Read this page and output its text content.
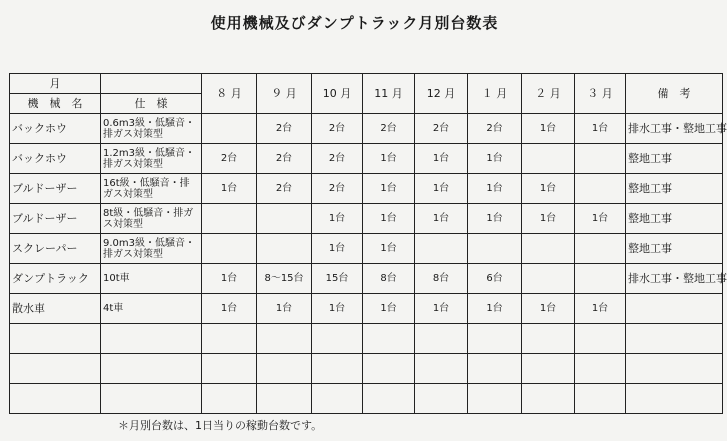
使用機械及びダンプトラック月別台数表
月		８ 月	９ 月	10 月	11 月	12 月	１ 月	２ 月	３ 月	備　考
機　械　名	仕　様									
バックホウ	0.6m3級・低騒音・排ガス対策型		2台	2台	2台	2台	2台	1台	1台	排水工事・整地工事
バックホウ	1.2m3級・低騒音・排ガス対策型	2台	2台	2台	1台	1台	1台			整地工事
ブルドーザー	16t級・低騒音・排ガス対策型	1台	2台	2台	1台	1台	1台	1台		整地工事
ブルドーザー	8t級・低騒音・排ガス対策型			1台	1台	1台	1台	1台	1台	整地工事
スクレーパー	9.0m3級・低騒音・排ガス対策型			1台	1台					整地工事
ダンプトラック	10t車	1台	8～15台	15台	8台	8台	6台			排水工事・整地工事
散水車	4t車	1台	1台	1台	1台	1台	1台	1台	1台	

＊月別台数は、1日当りの稼動台数です。
